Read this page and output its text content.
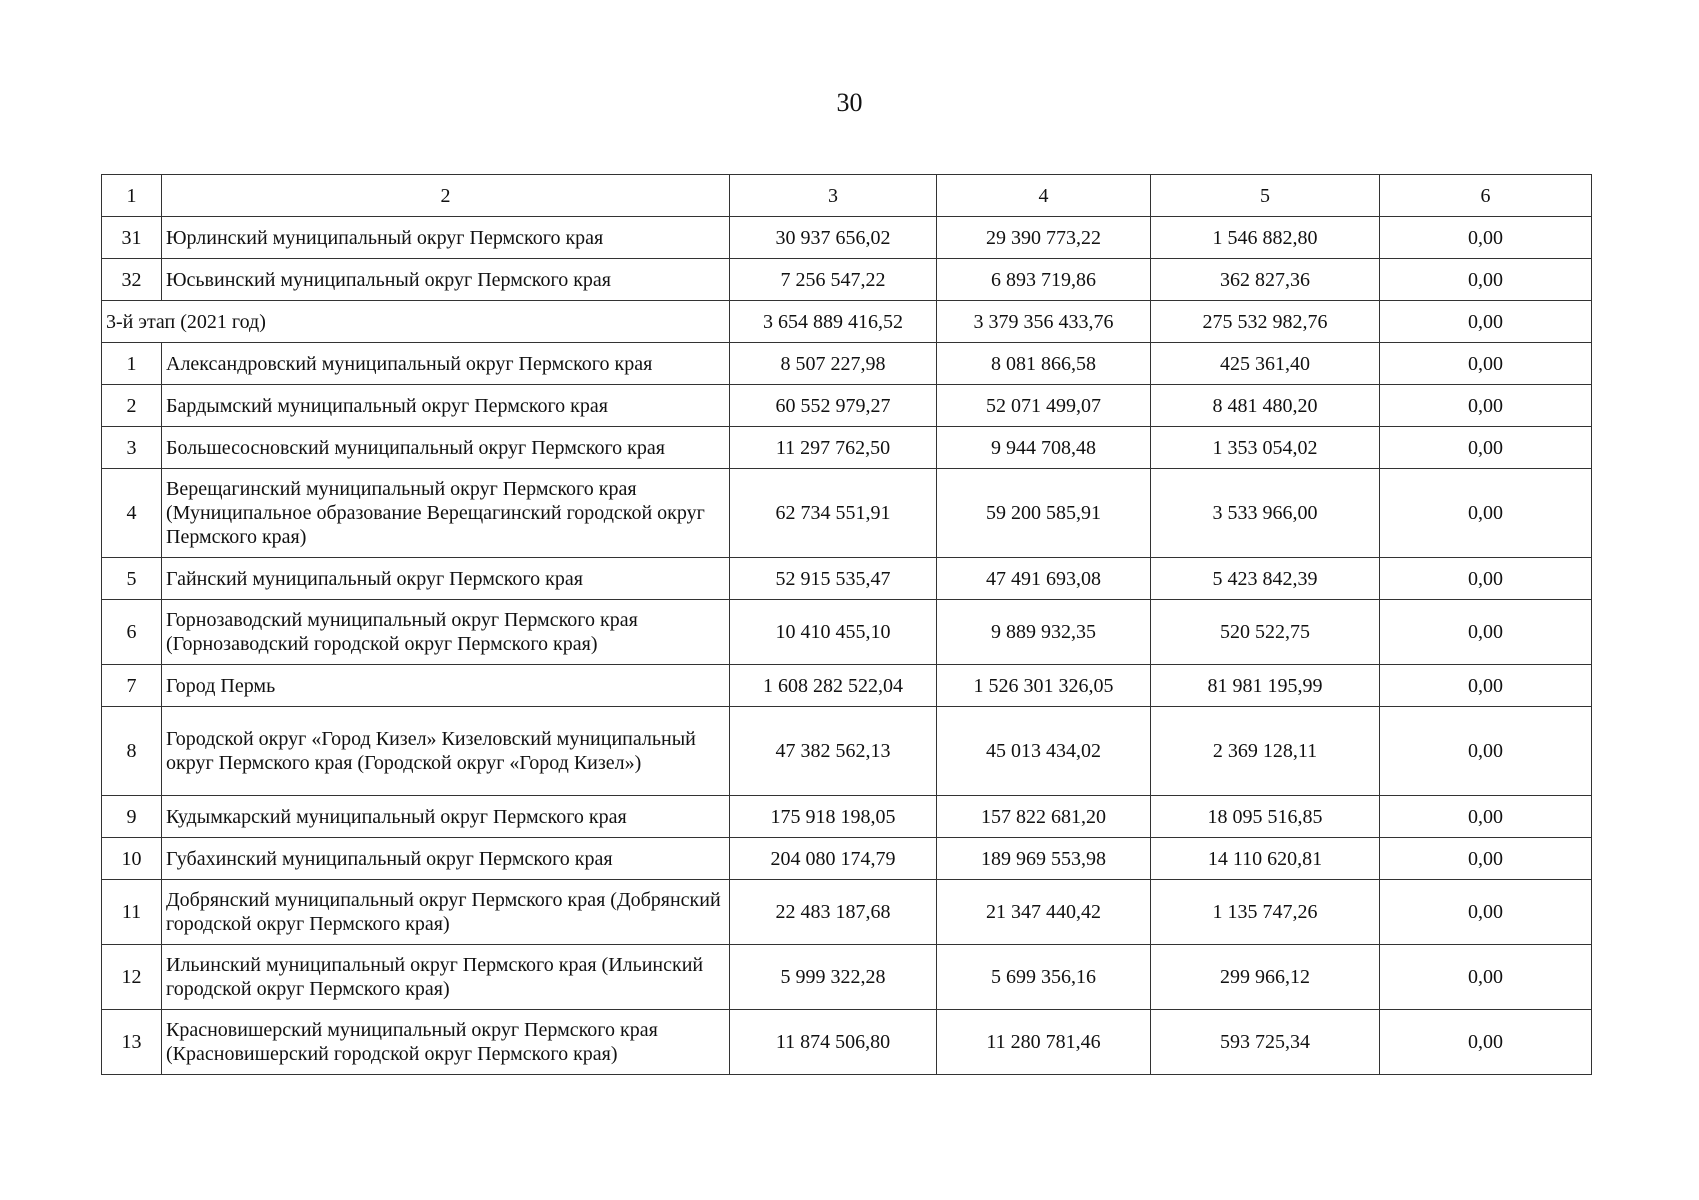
30
1	2	3	4	5	6
31	Юрлинский муниципальный округ Пермского края	30 937 656,02	29 390 773,22	1 546 882,80	0,00
32	Юсьвинский муниципальный округ Пермского края	7 256 547,22	6 893 719,86	362 827,36	0,00
3-й этап (2021 год)		3 654 889 416,52	3 379 356 433,76	275 532 982,76	0,00
1	Александровский муниципальный округ Пермского края	8 507 227,98	8 081 866,58	425 361,40	0,00
2	Бардымский муниципальный округ Пермского края	60 552 979,27	52 071 499,07	8 481 480,20	0,00
3	Большесосновский муниципальный округ Пермского края	11 297 762,50	9 944 708,48	1 353 054,02	0,00
4	Верещагинский муниципальный округ Пермского края (Муниципальное образование Верещагинский городской округ Пермского края)	62 734 551,91	59 200 585,91	3 533 966,00	0,00
5	Гайнский муниципальный округ Пермского края	52 915 535,47	47 491 693,08	5 423 842,39	0,00
6	Горнозаводский муниципальный округ Пермского края (Горнозаводский городской округ Пермского края)	10 410 455,10	9 889 932,35	520 522,75	0,00
7	Город Пермь	1 608 282 522,04	1 526 301 326,05	81 981 195,99	0,00
8	Городской округ «Город Кизел» Кизеловский муниципальный округ Пермского края (Городской округ «Город Кизел»)	47 382 562,13	45 013 434,02	2 369 128,11	0,00
9	Кудымкарский муниципальный округ Пермского края	175 918 198,05	157 822 681,20	18 095 516,85	0,00
10	Губахинский муниципальный округ Пермского края	204 080 174,79	189 969 553,98	14 110 620,81	0,00
11	Добрянский муниципальный округ Пермского края (Добрянский городской округ Пермского края)	22 483 187,68	21 347 440,42	1 135 747,26	0,00
12	Ильинский муниципальный округ Пермского края (Ильинский городской округ Пермского края)	5 999 322,28	5 699 356,16	299 966,12	0,00
13	Красновишерский муниципальный округ Пермского края (Красновишерский городской округ Пермского края)	11 874 506,80	11 280 781,46	593 725,34	0,00
